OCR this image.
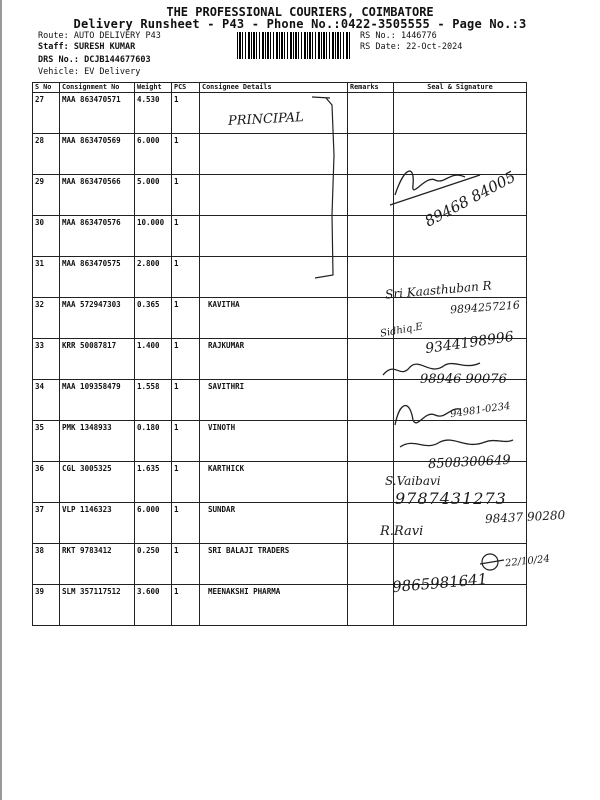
THE PROFESSIONAL COURIERS, COIMBATORE
Delivery Runsheet - P43 - Phone No.:0422-3505555 - Page No.:3
Route: AUTO DELIVERY P43
Staff: SURESH KUMAR
DRS No.: DCJB144677603
Vehicle: EV Delivery
RS No.: 1446776
RS Date: 22-Oct-2024
S No	Consignment No	Weight	PCS	Consignee Details	Remarks	Seal & Signature
27	MAA 863470571	4.530	1			
28	MAA 863470569	6.000	1			
29	MAA 863470566	5.000	1			
30	MAA 863470576	10.000	1			
31	MAA 863470575	2.800	1			
32	MAA 572947303	0.365	1	KAVITHA		
33	KRR 50087817	1.400	1	RAJKUMAR		
34	MAA 109358479	1.558	1	SAVITHRI		
35	PMK 1348933	0.180	1	VINOTH		
36	CGL 3005325	1.635	1	KARTHICK		
37	VLP 1146323	6.000	1	SUNDAR		
38	RKT 9783412	0.250	1	SRI BALAJI TRADERS		
39	SLM 357117512	3.600	1	MEENAKSHI PHARMA		
PRINCIPAL
89468 84005
Sri Kaasthuban R
9894257216
Sidhiq.E 9344198996
98946 90076
94981-0234
8508300649
S.Vaibavi
9787431273
R.Ravi
98437 90280
22/10/24
9865981641
